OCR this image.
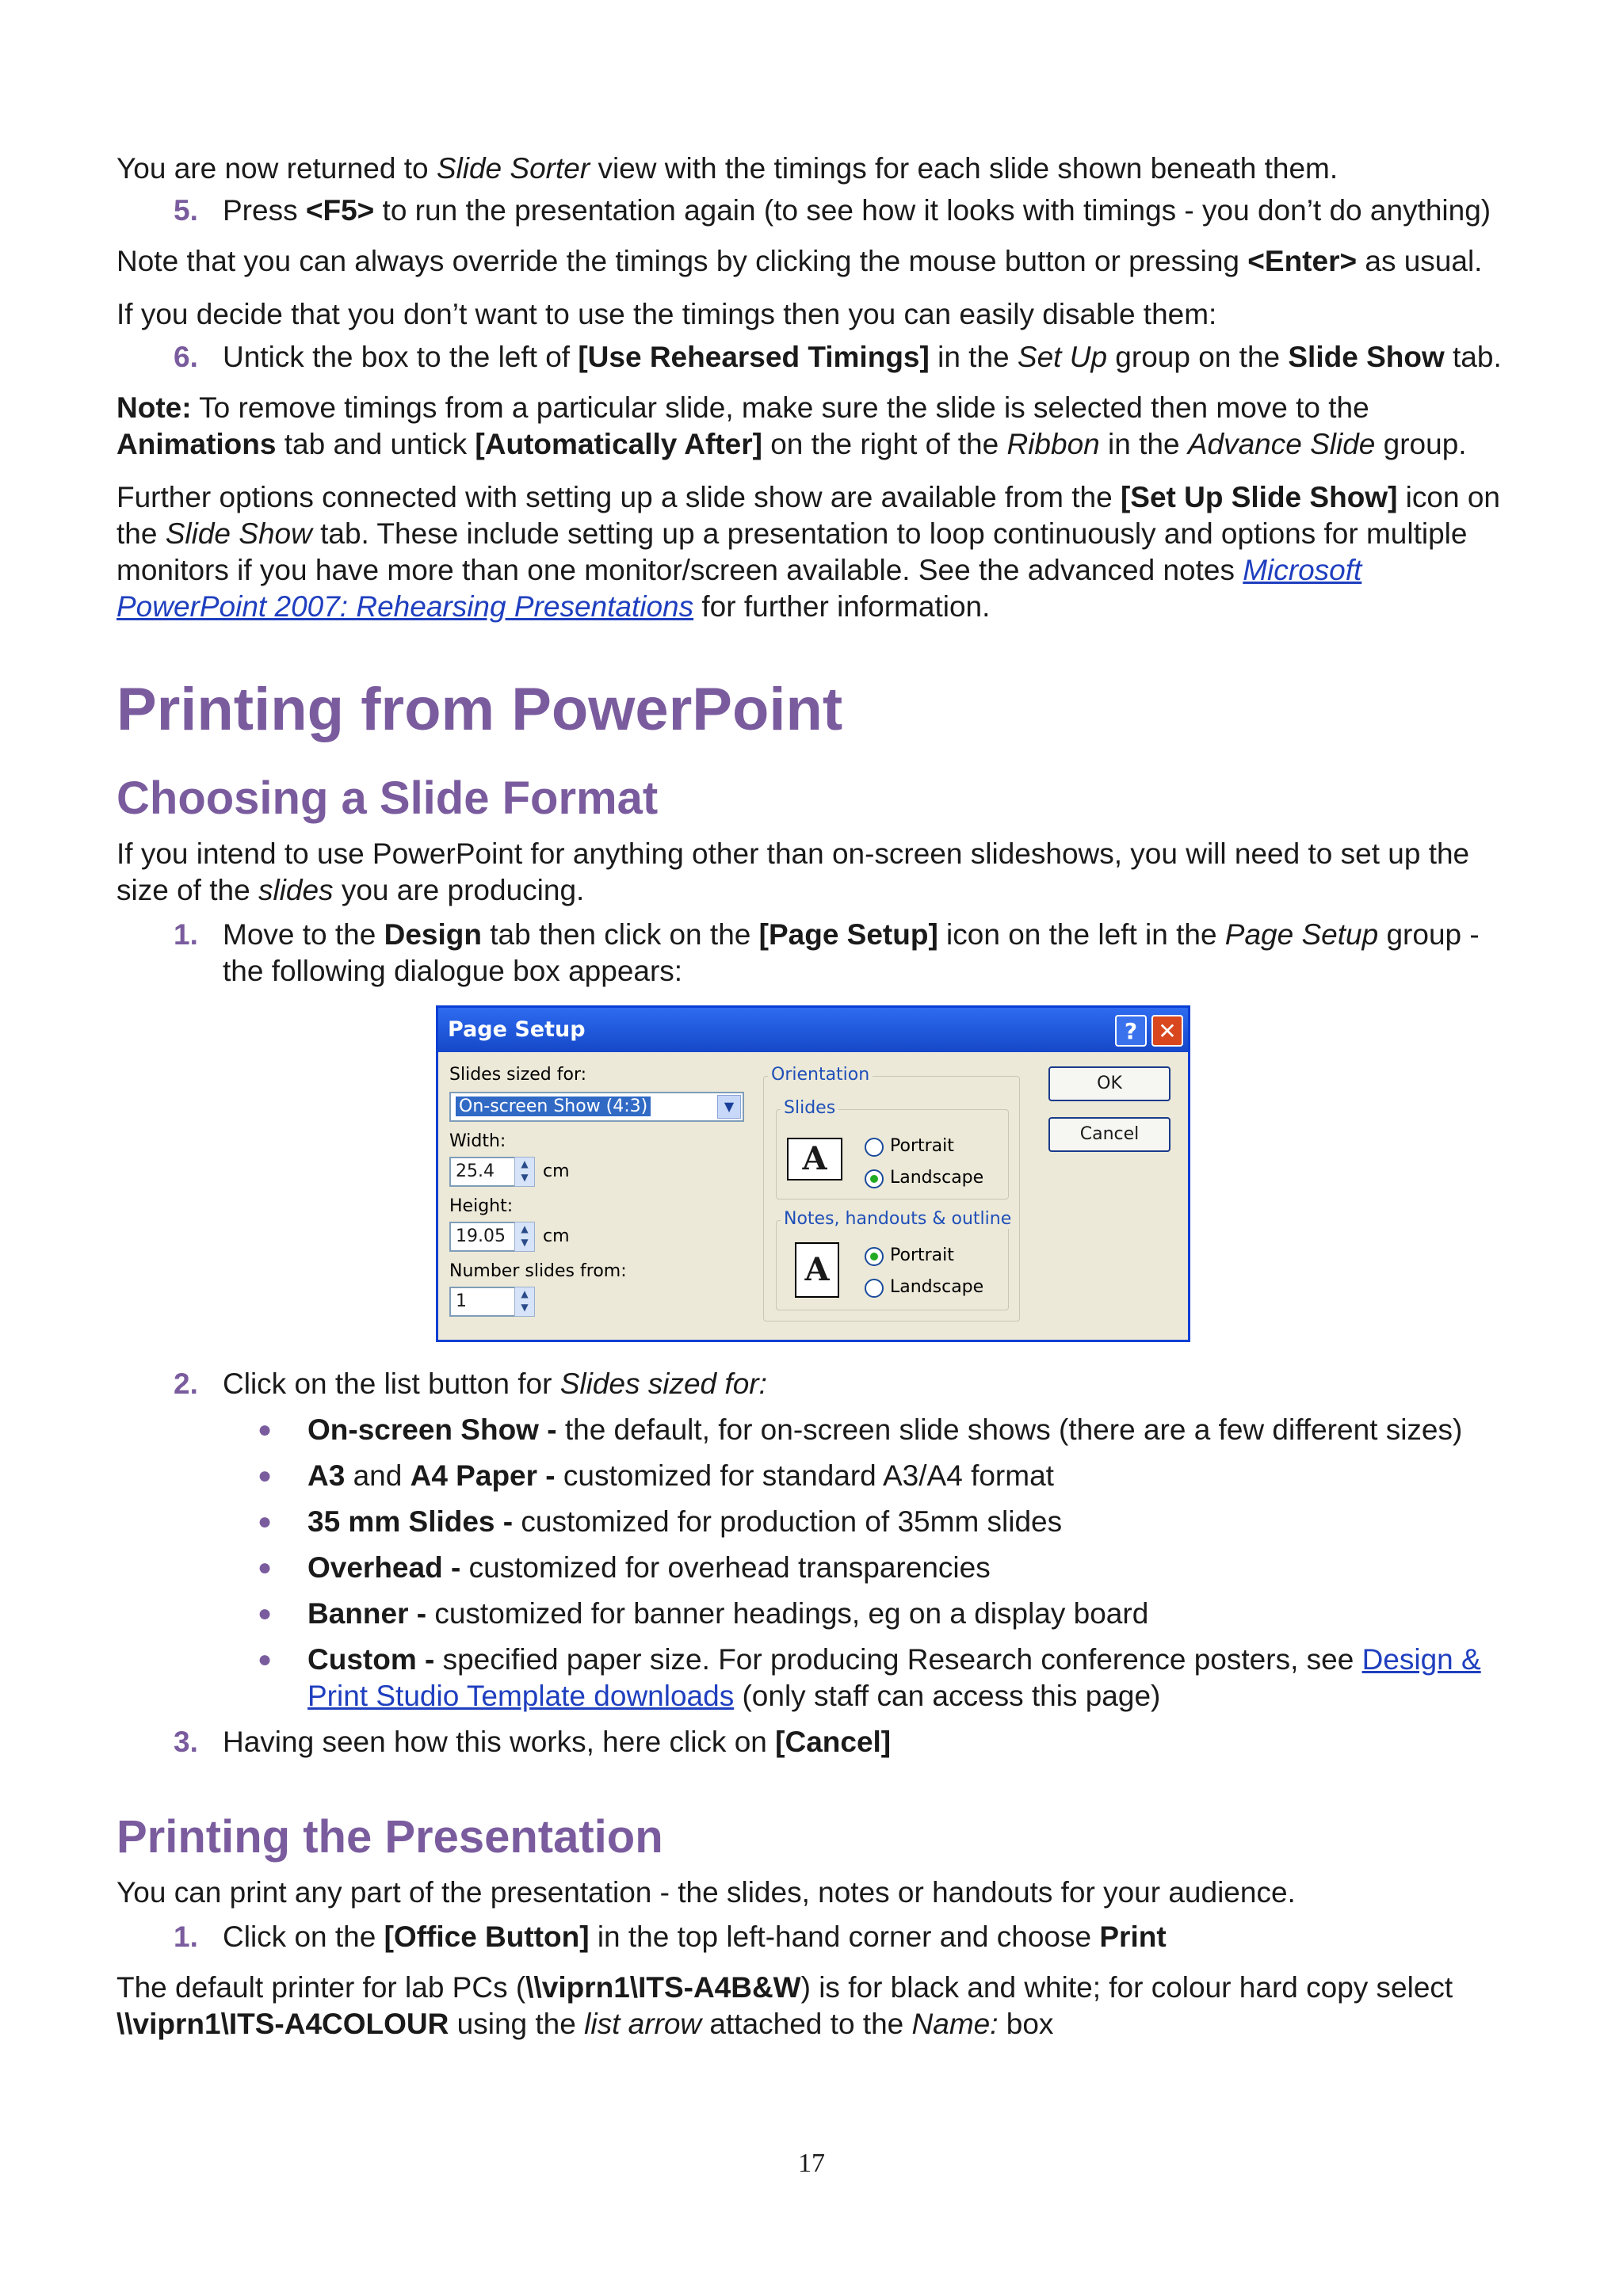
You are now returned to Slide Sorter view with the timings for each slide shown beneath them.

5. Press <F5> to run the presentation again (to see how it looks with timings - you don’t do anything)

Note that you can always override the timings by clicking the mouse button or pressing <Enter> as usual.

If you decide that you don’t want to use the timings then you can easily disable them:

6. Untick the box to the left of [Use Rehearsed Timings] in the Set Up group on the Slide Show tab.

Note: To remove timings from a particular slide, make sure the slide is selected then move to the Animations tab and untick [Automatically After] on the right of the Ribbon in the Advance Slide group.

Further options connected with setting up a slide show are available from the [Set Up Slide Show] icon on the Slide Show tab. These include setting up a presentation to loop continuously and options for multiple monitors if you have more than one monitor/screen available. See the advanced notes Microsoft PowerPoint 2007: Rehearsing Presentations for further information.

Printing from PowerPoint
Choosing a Slide Format

If you intend to use PowerPoint for anything other than on-screen slideshows, you will need to set up the size of the slides you are producing.

1. Move to the Design tab then click on the [Page Setup] icon on the left in the Page Setup group - the following dialogue box appears:
Page Setup	? ✕
Slides sized for:
On-screen Show (4:3)	▼
Width:
25.4	▲
▼ cm
Height:
19.05	▲
▼ cm
Number slides from:
1	▲
▼
Orientation
Slides
A	Portrait
Landscape
Notes, handouts & outline
A	Portrait
Landscape
OK
Cancel
2. Click on the list button for Slides sized for:
●	On-screen Show - the default, for on-screen slide shows (there are a few different sizes)
●	A3 and A4 Paper - customized for standard A3/A4 format
●	35 mm Slides - customized for production of 35mm slides
●	Overhead - customized for overhead transparencies
●	Banner - customized for banner headings, eg on a display board
●	Custom - specified paper size. For producing Research conference posters, see Design & Print Studio Template downloads (only staff can access this page)
3. Having seen how this works, here click on [Cancel]
Printing the Presentation

You can print any part of the presentation - the slides, notes or handouts for your audience.

1. Click on the [Office Button] in the top left-hand corner and choose Print

The default printer for lab PCs (\\viprn1\ITS-A4B&W) is for black and white; for colour hard copy select \\viprn1\ITS-A4COLOUR using the list arrow attached to the Name: box

17
